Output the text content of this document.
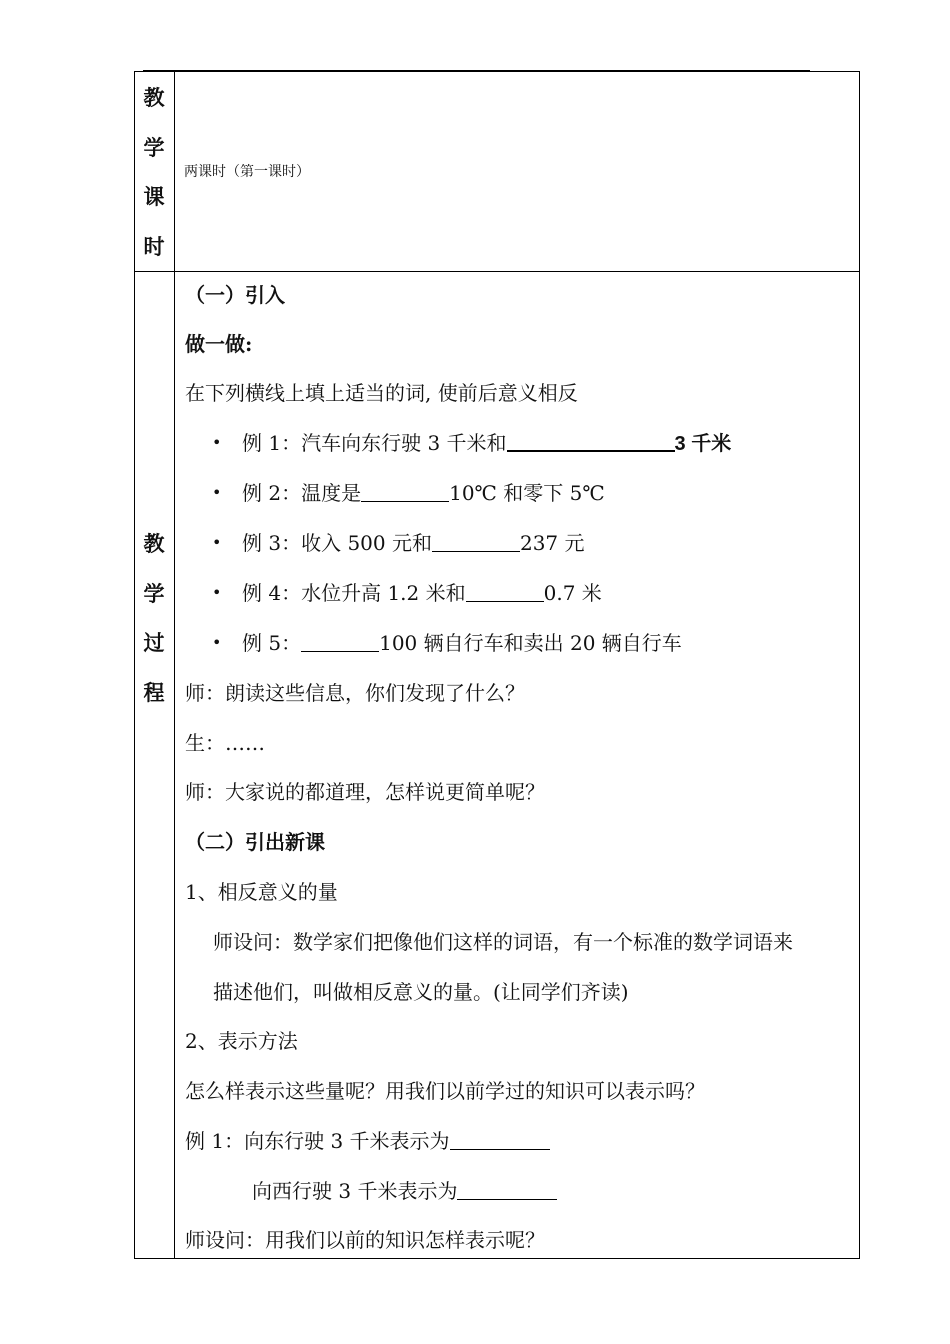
教
学
课
时
两课时（第一课时）
教
学
过
程
（一）引入
做一做:
在下列横线上填上适当的词, 使前后意义相反
• 例 1：汽车向东行驶 3 千米和	3 千米
• 例 2：温度是	10℃ 和零下 5℃
• 例 3：收入 500 元和	237 元
• 例 4：水位升高 1.2 米和	0.7 米
• 例 5：	100 辆自行车和卖出 20 辆自行车
师：朗读这些信息，你们发现了什么？
生：……
师：大家说的都道理，怎样说更简单呢？
（二）引出新课
1、相反意义的量
师设问：数学家们把像他们这样的词语，有一个标准的数学词语来
描述他们，叫做相反意义的量。(让同学们齐读)
2、表示方法
怎么样表示这些量呢？用我们以前学过的知识可以表示吗？
例 1：向东行驶 3 千米表示为
向西行驶 3 千米表示为
师设问：用我们以前的知识怎样表示呢？
